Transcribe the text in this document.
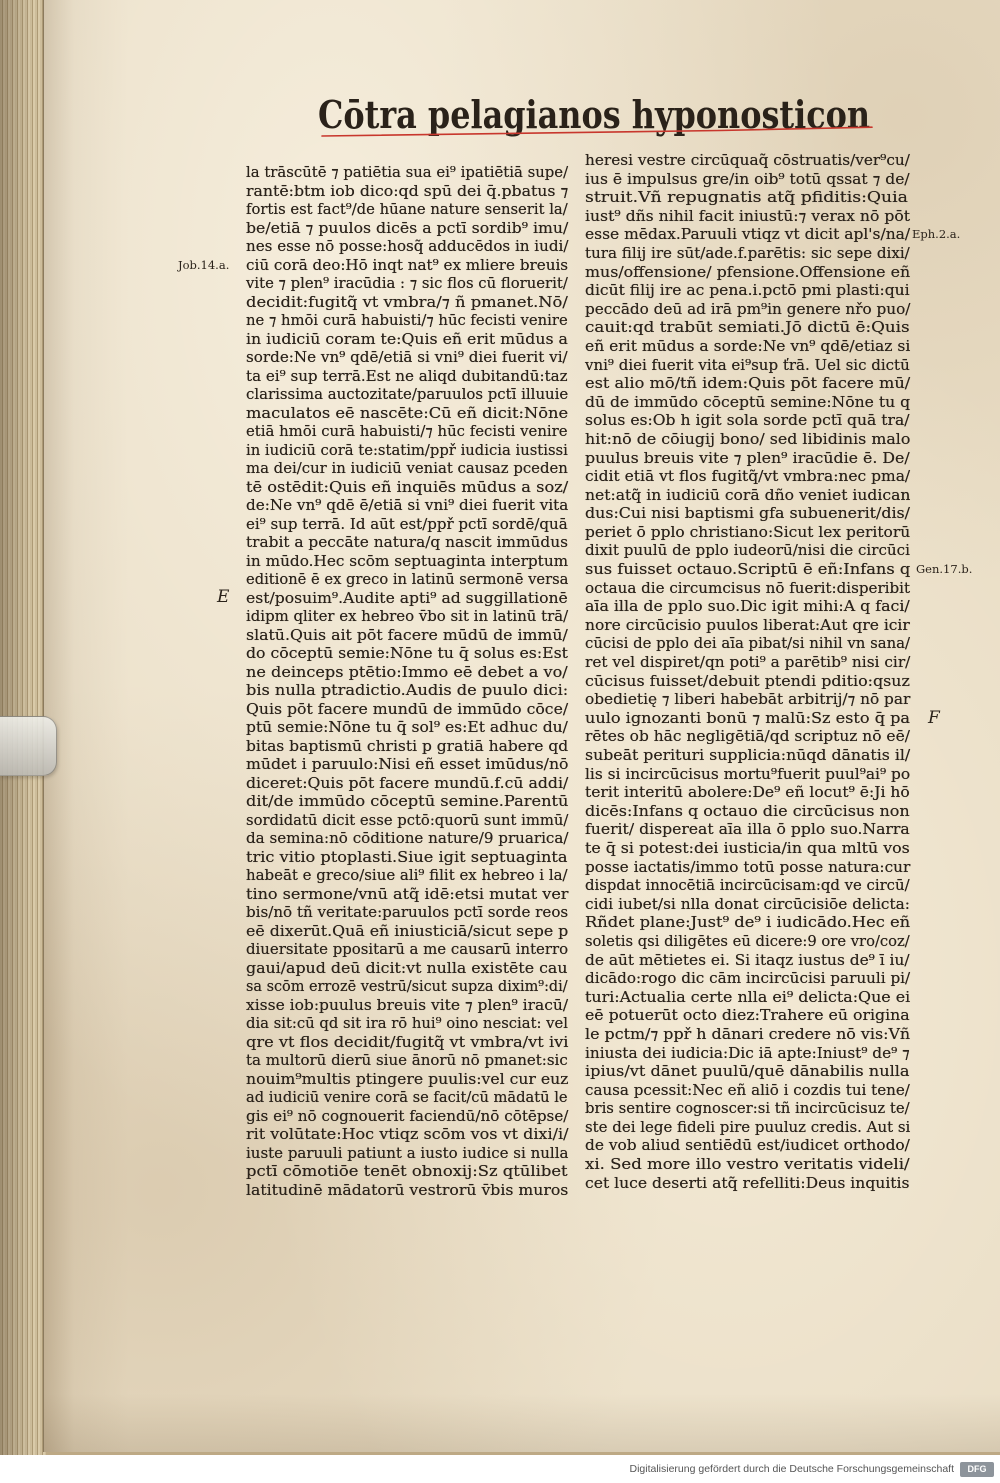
Cōtra pelagianos hyponosticon
la trāscūtē ⁊ patiētia sua ei⁹ ipatiētiā supe/
rantē:btm iob dico:qd spū dei q̄.pbatus ⁊
fortis est fact⁹/de hūane nature senserit la/
be/etiā ⁊ puulos dicēs a pctī sordib⁹ imu/
nes esse nō posse:hosq̃ adducēdos in iudi/
ciū corā deo:Hō inqt nat⁹ ex mliere breuis
vite ⁊ plen⁹ iracūdia : ⁊ sic flos cū floruerit/
decidit:fugitq̃ vt vmbra/⁊ ñ pmanet.Nō/
ne ⁊ hmōi curā habuisti/⁊ hūc fecisti venire
in iudiciū coram te:Quis eñ erit mūdus a
sorde:Ne vn⁹ qdē/etiā si vni⁹ diei fuerit vi/
ta ei⁹ sup terrā.Est ne aliqd dubitandū:taz
clarissima auctozitate/paruulos pctī illuuie
maculatos eē nascēte:Cū eñ dicit:Nōne
etiā hmōi curā habuisti/⁊ hūc fecisti venire
in iudiciū corā te:statim/ppř iudicia iustissi
ma dei/cur in iudiciū veniat causaz pceden
tē ostēdit:Quis eñ inquiēs mūdus a soz/
de:Ne vn⁹ qdē ē/etiā si vni⁹ diei fuerit vita
ei⁹ sup terrā. Id aūt est/ppř pctī sordē/quā
trabit a peccāte natura/q nascit immūdus
in mūdo.Hec scōm septuaginta interptum
editionē ē ex greco in latinū sermonē versa
est/posuim⁹.Audite apti⁹ ad suggillationē
idipm qliter ex hebreo v̄bo sit in latinū trā/
slatū.Quis ait pōt facere mūdū de immū/
do cōceptū semie:Nōne tu q̄ solus es:Est
ne deinceps ptētio:Immo eē debet a vo/
bis nulla ptradictio.Audis de puulo dici:
Quis pōt facere mundū de immūdo cōce/
ptū semie:Nōne tu q̄ sol⁹ es:Et adhuc du/
bitas baptismū christi p gratiā habere qd
mūdet i paruulo:Nisi eñ esset imūdus/nō
diceret:Quis pōt facere mundū.f.cū addi/
dit/de immūdo cōceptū semine.Parentū
sordidatū dicit esse pctō:quorū sunt immū/
da semina:nō cōditione nature/9 pruarica/
tric vitio ptoplasti.Siue igit septuaginta
habeāt e greco/siue ali⁹ filit ex hebreo i la/
tino sermone/vnū atq̃ idē:etsi mutat ver
bis/nō tñ veritate:paruulos pctī sorde reos
eē dixerūt.Quā eñ iniusticiā/sicut sepe p
diuersitate ppositarū a me causarū interro
gaui/apud deū dicit:vt nulla existēte cau
sa scōm errozē vestrū/sicut supza dixim⁹:di/
xisse iob:puulus breuis vite ⁊ plen⁹ iracū/
dia sit:cū qd sit ira rō hui⁹ oino nesciat: vel
qre vt flos decidit/fugitq̃ vt vmbra/vt ivi
ta multorū dierū siue ānorū nō pmanet:sic
nouim⁹multis ptingere puulis:vel cur euz
ad iudiciū venire corā se facit/cū mādatū le
gis ei⁹ nō cognouerit faciendū/nō cōtēpse/
rit volūtate:Hoc vtiqz scōm vos vt dixi/i/
iuste paruuli patiunt a iusto iudice si nulla
pctī cōmotiōe tenēt obnoxij:Sz qtūlibet
latitudinē mādatorū vestrorū v̄bis muros
heresi vestre circūquaq̃ cōstruatis/ver⁹cu/
ius ē impulsus gre/in oib⁹ totū qssat ⁊ de/
struit.Vñ repugnatis atq̃ pfiditis:Quia
iust⁹ dñs nihil facit iniustū:⁊ verax nō pōt
esse mēdax.Paruuli vtiqz vt dicit apl's/na/
tura filij ire sūt/ade.f.parētis: sic sepe dixi/
mus/offensione/ pfensione.Offensione eñ
dicūt filij ire ac pena.i.pctō pmi plasti:qui
peccādo deū ad irā pm⁹in genere nřo puo/
cauit:qd trabūt semiati.Jō dictū ē:Quis
eñ erit mūdus a sorde:Ne vn⁹ qdē/etiaz si
vni⁹ diei fuerit vita ei⁹sup ťrā. Uel sic dictū
est alio mō/tñ idem:Quis pōt facere mū/
dū de immūdo cōceptū semine:Nōne tu q
solus es:Ob h igit sola sorde pctī quā tra/
hit:nō de cōiugij bono/ sed libidinis malo
puulus breuis vite ⁊ plen⁹ iracūdie ē. De/
cidit etiā vt flos fugitq̃/vt vmbra:nec pma/
net:atq̃ in iudiciū corā dño veniet iudican
dus:Cui nisi baptismi gfa subuenerit/dis/
periet ō pplo christiano:Sicut lex peritorū
dixit puulū de pplo iudeorū/nisi die circūci
sus fuisset octauo.Scriptū ē eñ:Infans q
octaua die circumcisus nō fuerit:disperibit
aīa illa de pplo suo.Dic igit mihi:A q faci/
nore circūcisio puulos liberat:Aut qre icir
cūcisi de pplo dei aīa pibat/si nihil vn sana/
ret vel dispiret/qn poti⁹ a parētib⁹ nisi cir/
cūcisus fuisset/debuit ptendi pditio:qsuz
obedietię ⁊ liberi habebāt arbitrij/⁊ nō par
uulo ignozanti bonū ⁊ malū:Sz esto q̄ pa
rētes ob hāc negligētiā/qd scriptuz nō eē/
subeāt perituri supplicia:nūqd dānatis il/
lis si incircūcisus mortu⁹fuerit puul⁹ai⁹ po
terit interitū abolere:De⁹ eñ locut⁹ ē:Ji hō
dicēs:Infans q octauo die circūcisus non
fuerit/ dispereat aīa illa ō pplo suo.Narra
te q̄ si potest:dei iusticia/in qua mltū vos
posse iactatis/immo totū posse natura:cur
dispdat innocētiā incircūcisam:qd ve circū/
cidi iubet/si nlla donat circūcisiōe delicta:
Rñdet plane:Just⁹ de⁹ i iudicādo.Hec eñ
soletis qsi diligētes eū dicere:9 ore vro/coz/
de aūt mētietes ei. Si itaqz iustus de⁹ ī iu/
dicādo:rogo dic cām incircūcisi paruuli pi/
turi:Actualia certe nlla ei⁹ delicta:Que ei
eē potuerūt octo diez:Trahere eū origina
le pctm/⁊ ppř h dānari credere nō vis:Vñ
iniusta dei iudicia:Dic iā apte:Iniust⁹ de⁹ ⁊
ipius/vt dānet puulū/quē dānabilis nulla
causa pcessit:Nec eñ aliō i cozdis tui tene/
bris sentire cognoscer:si tñ incircūcisuz te/
ste dei lege fideli pire puuluz credis. Aut si
de vob aliud sentiēdū est/iudicet orthodo/
xi. Sed more illo vestro veritatis videli/
cet luce deserti atq̃ refelliti:Deus inquitis
Job.14.a.
Eph.2.a.
Gen.17.b.
E
F
Digitalisierung gefördert durch die Deutsche Forschungsgemeinschaft	DFG
